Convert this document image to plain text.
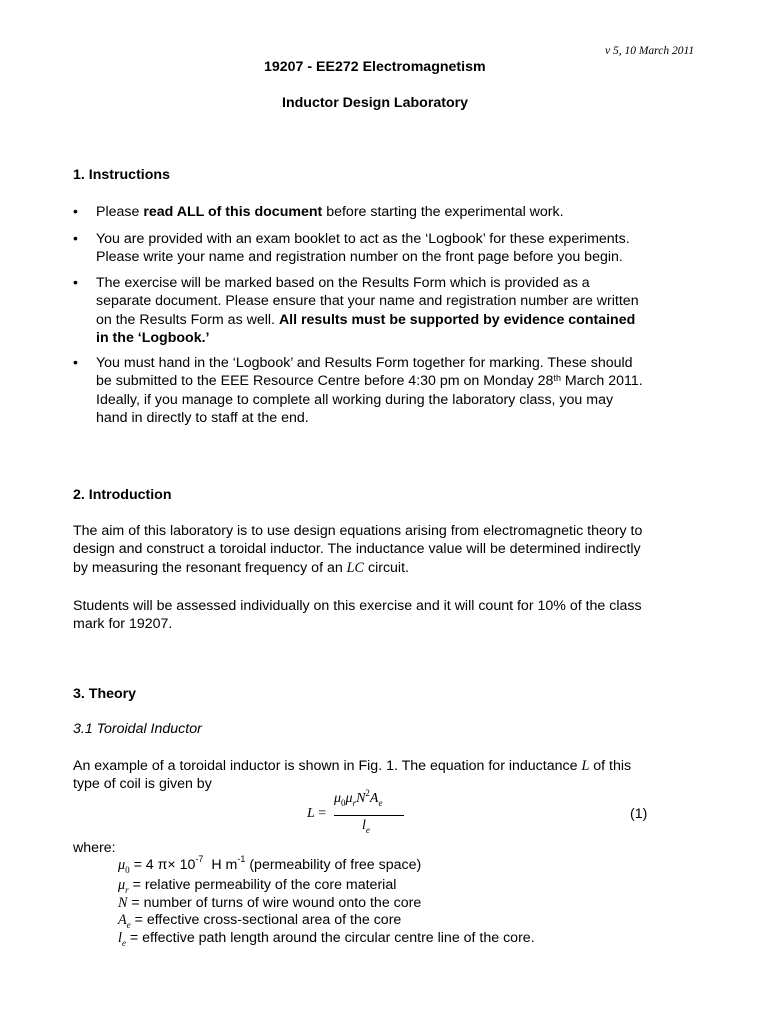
v 5, 10 March 2011
19207 - EE272 Electromagnetism
Inductor Design Laboratory
1. Instructions
• Please read ALL of this document before starting the experimental work.
• You are provided with an exam booklet to act as the ‘Logbook’ for these experiments.
Please write your name and registration number on the front page before you begin.
• The exercise will be marked based on the Results Form which is provided as a
separate document. Please ensure that your name and registration number are written
on the Results Form as well. All results must be supported by evidence contained
in the ‘Logbook.’
• You must hand in the ‘Logbook’ and Results Form together for marking. These should
be submitted to the EEE Resource Centre before 4:30 pm on Monday 28th March 2011.
Ideally, if you manage to complete all working during the laboratory class, you may
hand in directly to staff at the end.
2. Introduction
The aim of this laboratory is to use design equations arising from electromagnetic theory to
design and construct a toroidal inductor. The inductance value will be determined indirectly
by measuring the resonant frequency of an LC circuit.
Students will be assessed individually on this exercise and it will count for 10% of the class
mark for 19207.
3. Theory
3.1 Toroidal Inductor
An example of a toroidal inductor is shown in Fig. 1. The equation for inductance L of this
type of coil is given by
L =
$\mu_0\mu_rN^2A_e$
$l_e$
(1)
where:
$\mu_0 = 4$ $\pi\times 10^{-7}$ H $m^{-1}$ (permeability of free space)
$\mu_r$ = relative permeability of the core material
N = number of turns of wire wound onto the core
$A_e$ = effective cross-sectional area of the core
$l_e$ = effective path length around the circular centre line of the core.
